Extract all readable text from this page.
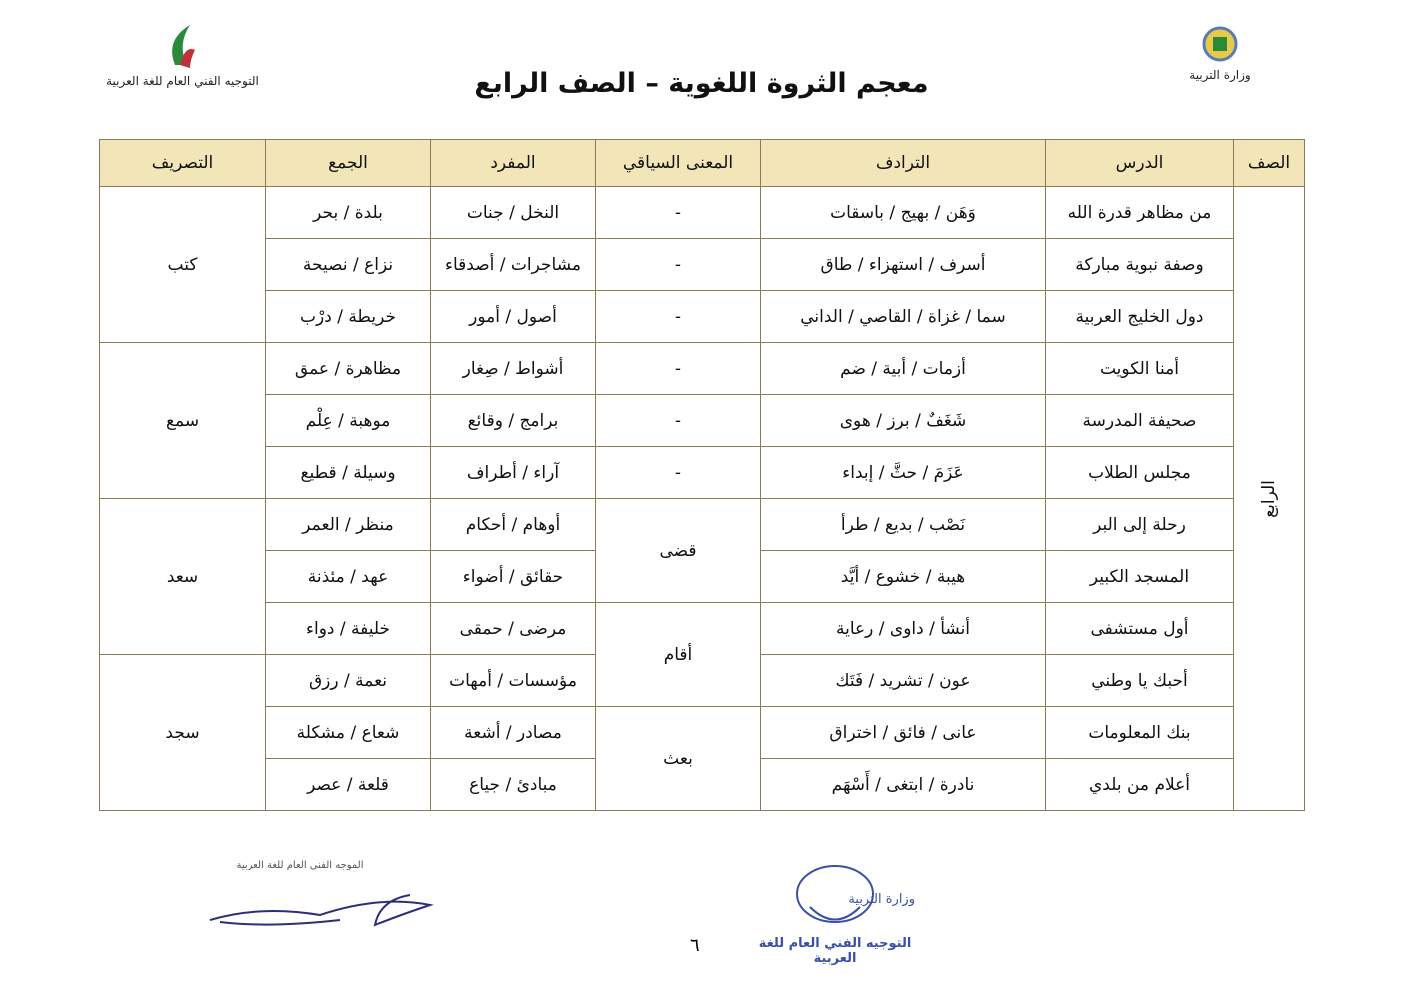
معجم الثروة اللغوية – الصف الرابع
التوجيه الفني العام للغة العربية	وزارة التربية
الصف	الدرس	الترادف	المعنى السياقي	المفرد	الجمع	التصريف
الرابع	من مظاهر قدرة الله	وَهَن / بهيج / باسقات	-	النخل / جنات	بلدة / بحر	كتب
	وصفة نبوية مباركة	أسرف / استهزاء / طاق	-	مشاجرات / أصدقاء	نزاع / نصيحة	
	دول الخليج العربية	سما / غزاة / القاصي / الداني	-	أصول / أمور	خريطة / درْب	
	أمنا الكويت	أزمات / أبية / ضم	-	أشواط / صِغار	مظاهرة / عمق	سمع
	صحيفة المدرسة	شَغَفٌ / برز / هوى	-	برامج / وقائع	موهبة / عِلْم	
	مجلس الطلاب	عَزَمَ / حثَّ / إبداء	-	آراء / أطراف	وسيلة / قطيع	
	رحلة إلى البر	نَصْب / بديع / طرأ	قضى	أوهام / أحكام	منظر / العمر	سعد
	المسجد الكبير	هيبة / خشوع / أيَّد		حقائق / أضواء	عهد / مئذنة	
	أول مستشفى	أنشأ / داوى / رعاية	أقام	مرضى / حمقى	خليفة / دواء	
	أحبك يا وطني	عون / تشريد / فَتَك		مؤسسات / أمهات	نعمة / رزق	سجد
	بنك المعلومات	عانى / فائق / اختراق	بعث	مصادر / أشعة	شعاع / مشكلة	
	أعلام من بلدي	نادرة / ابتغى / أَسْهَم		مبادئ / جياع	قلعة / عصر	
الموجه الفني العام للغة العربية
٦
وزارة التربية
التوجيه الفني العام للغة العربية
